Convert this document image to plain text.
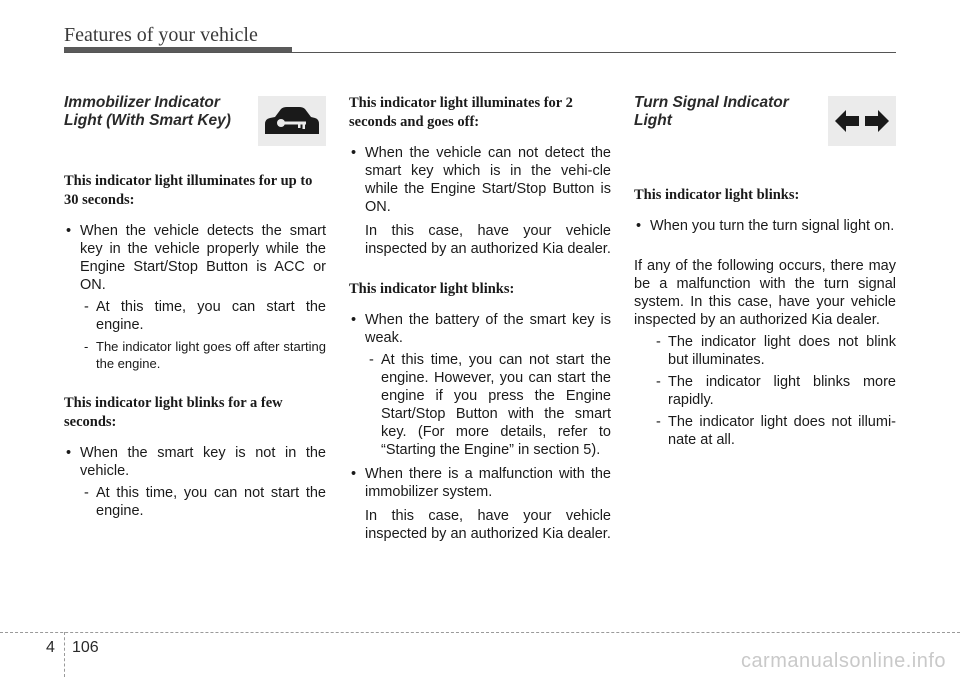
Features of your vehicle
Immobilizer Indicator Light (With Smart Key)

This indicator light illuminates for up to 30 seconds:

• When the vehicle detects the smart key in the vehicle properly while the Engine Start/Stop Button is ACC or ON.

- At this time, you can start the engine.
- The indicator light goes off after starting the engine.

This indicator light blinks for a few seconds:

• When the smart key is not in the vehicle.

- At this time, you can not start the engine.

This indicator light illuminates for 2 seconds and goes off:

• When the vehicle can not detect the smart key which is in the vehi-cle while the Engine Start/Stop Button is ON.

In this case, have your vehicle inspected by an authorized Kia dealer.

This indicator light blinks:

• When the battery of the smart key is weak.

- At this time, you can not start the engine. However, you can start the engine if you press the Engine Start/Stop Button with the smart key. (For more details, refer to “Starting the Engine” in section 5).

• When there is a malfunction with the immobilizer system.

In this case, have your vehicle inspected by an authorized Kia dealer.

Turn Signal Indicator Light

This indicator light blinks:

• When you turn the turn signal light on.

If any of the following occurs, there may be a malfunction with the turn signal system. In this case, have your vehicle inspected by an authorized Kia dealer.

- The indicator light does not blink but illuminates.
- The indicator light blinks more rapidly.
- The indicator light does not illumi-nate at all.
4 106
carmanualsonline.info
